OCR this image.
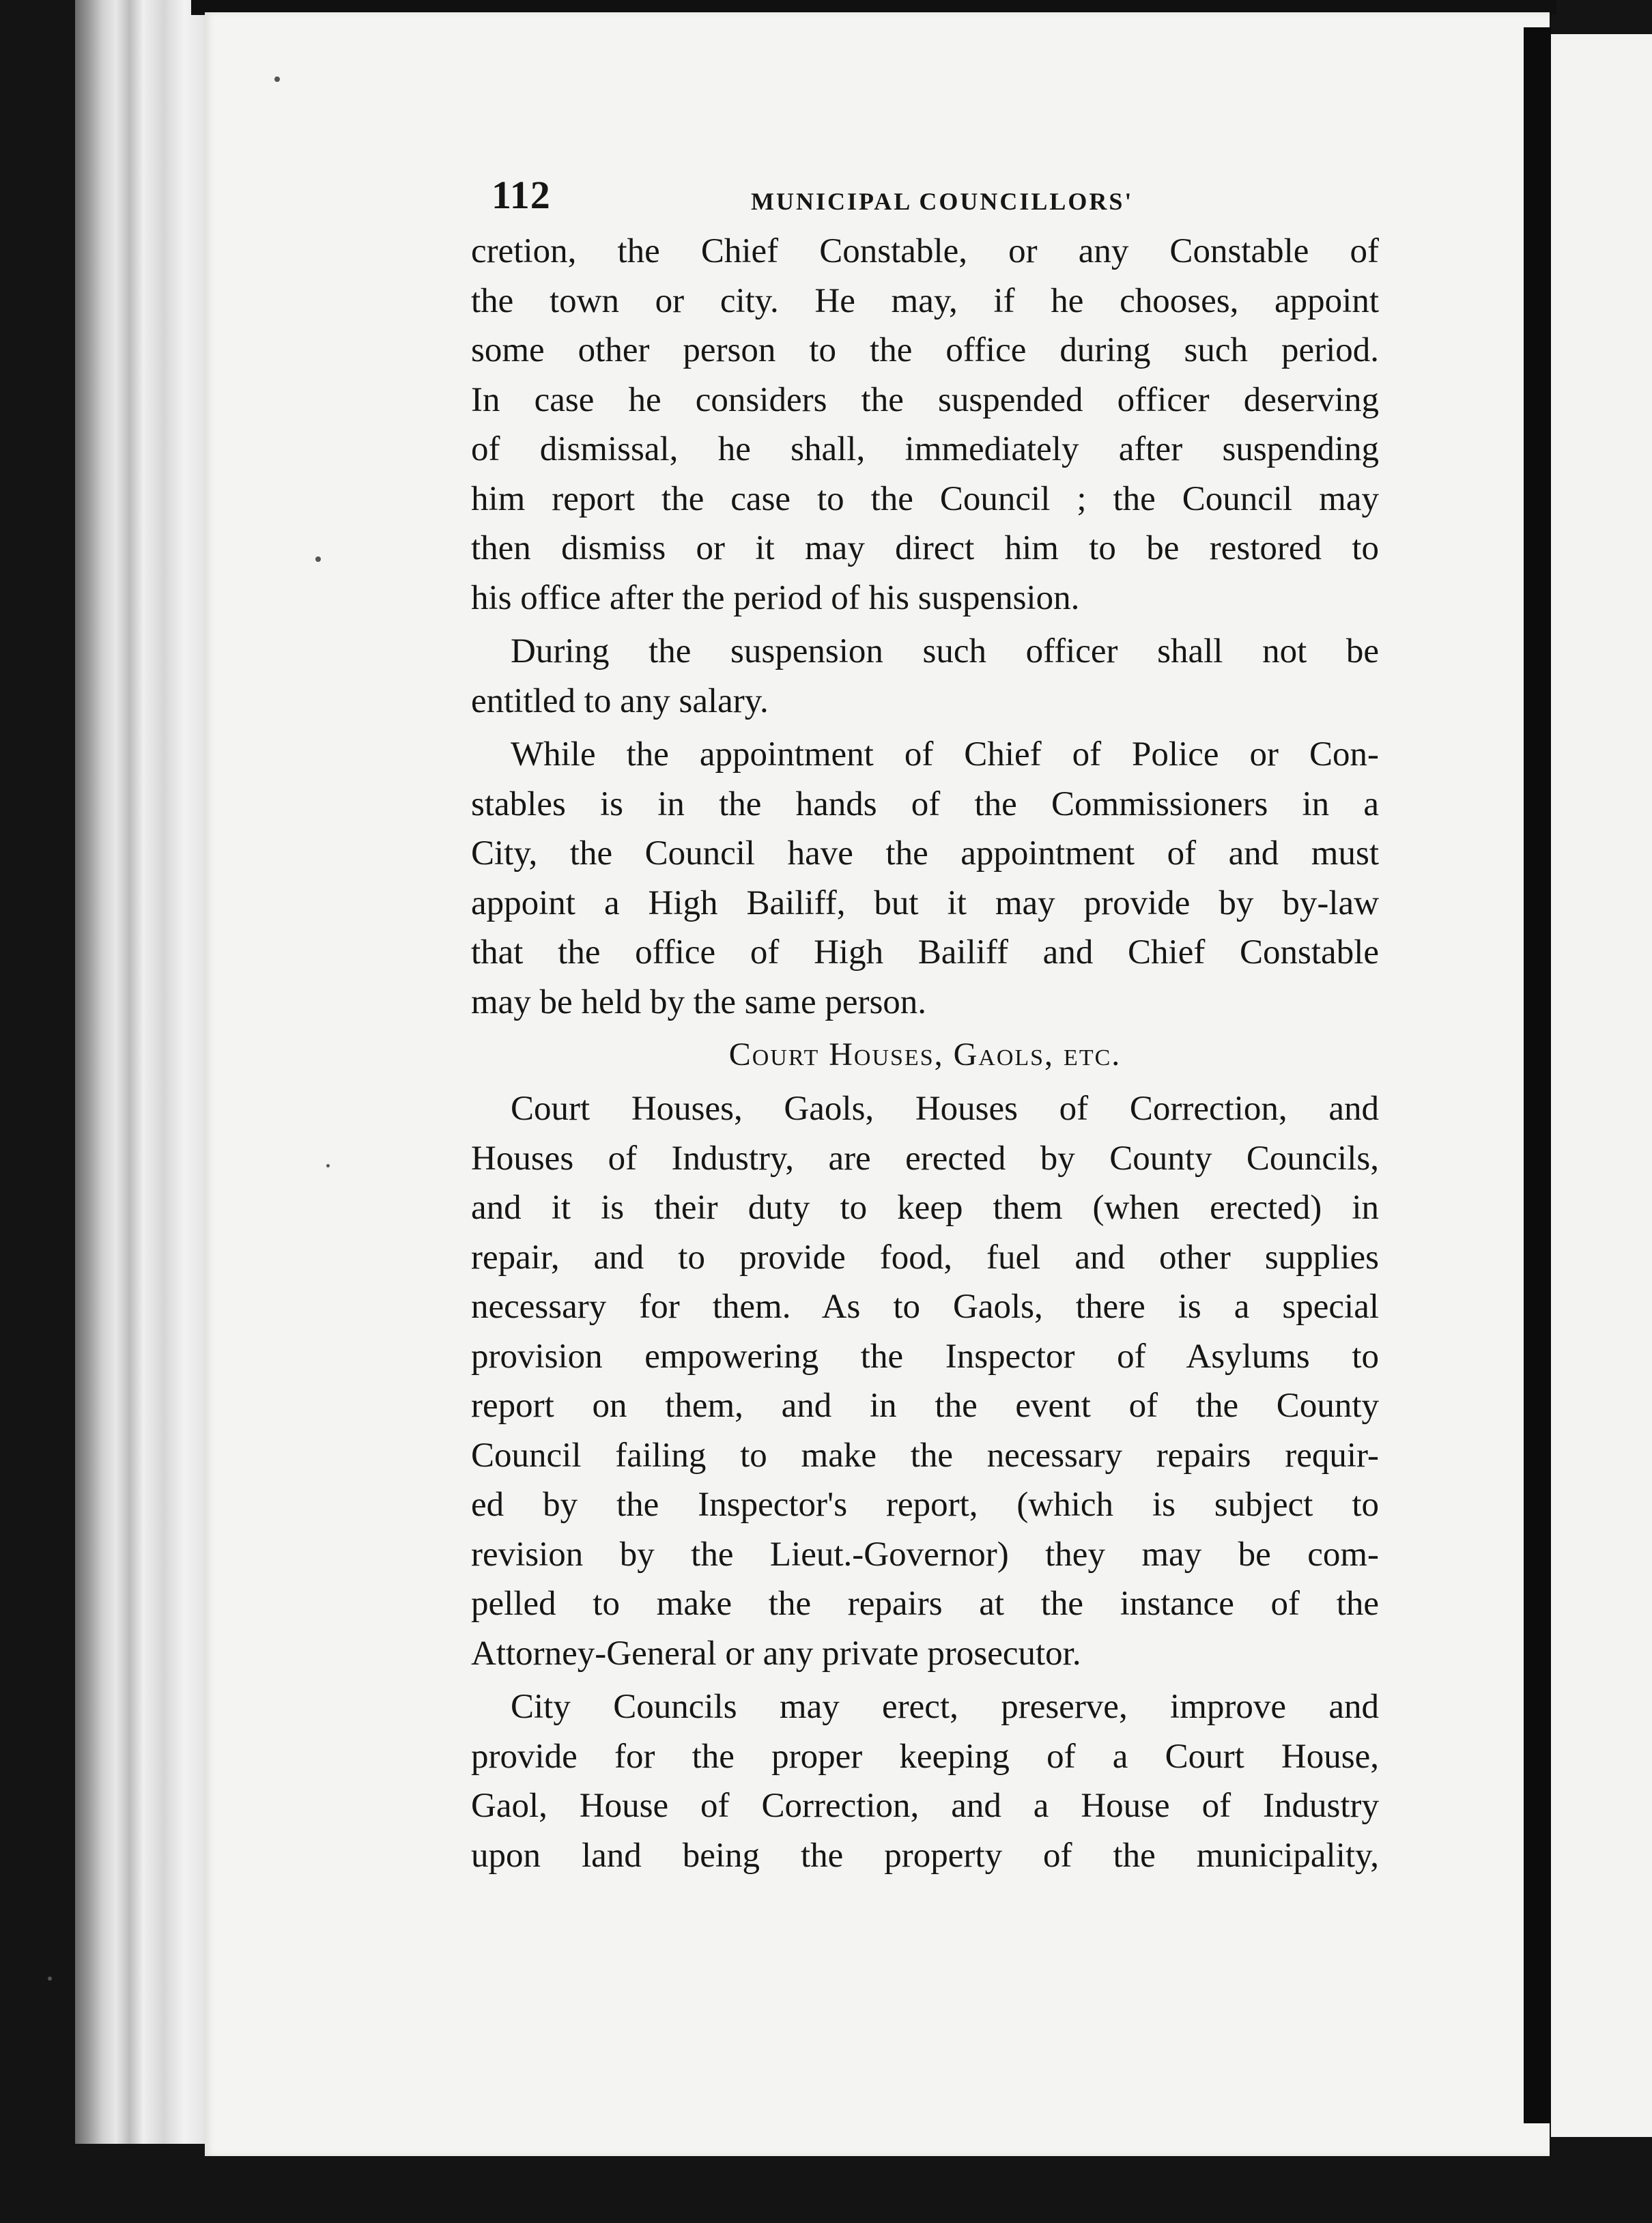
112	MUNICIPAL COUNCILLORS'

cretion, the Chief Constable, or any Constable of
the town or city. He may, if he chooses, appoint
some other person to the office during such period.
In case he considers the suspended officer deserving
of dismissal, he shall, immediately after suspending
him report the case to the Council ; the Council may
then dismiss or it may direct him to be restored to
his office after the period of his suspension.

During the suspension such officer shall not be
entitled to any salary.

While the appointment of Chief of Police or Con-
stables is in the hands of the Commissioners in a
City, the Council have the appointment of and must
appoint a High Bailiff, but it may provide by by-law
that the office of High Bailiff and Chief Constable
may be held by the same person.

Court Houses, Gaols, etc.

Court Houses, Gaols, Houses of Correction, and
Houses of Industry, are erected by County Councils,
and it is their duty to keep them (when erected) in
repair, and to provide food, fuel and other supplies
necessary for them. As to Gaols, there is a special
provision empowering the Inspector of Asylums to
report on them, and in the event of the County
Council failing to make the necessary repairs requir-
ed by the Inspector's report, (which is subject to
revision by the Lieut.-Governor) they may be com-
pelled to make the repairs at the instance of the
Attorney-General or any private prosecutor.

City Councils may erect, preserve, improve and
provide for the proper keeping of a Court House,
Gaol, House of Correction, and a House of Industry
upon land being the property of the municipality,
